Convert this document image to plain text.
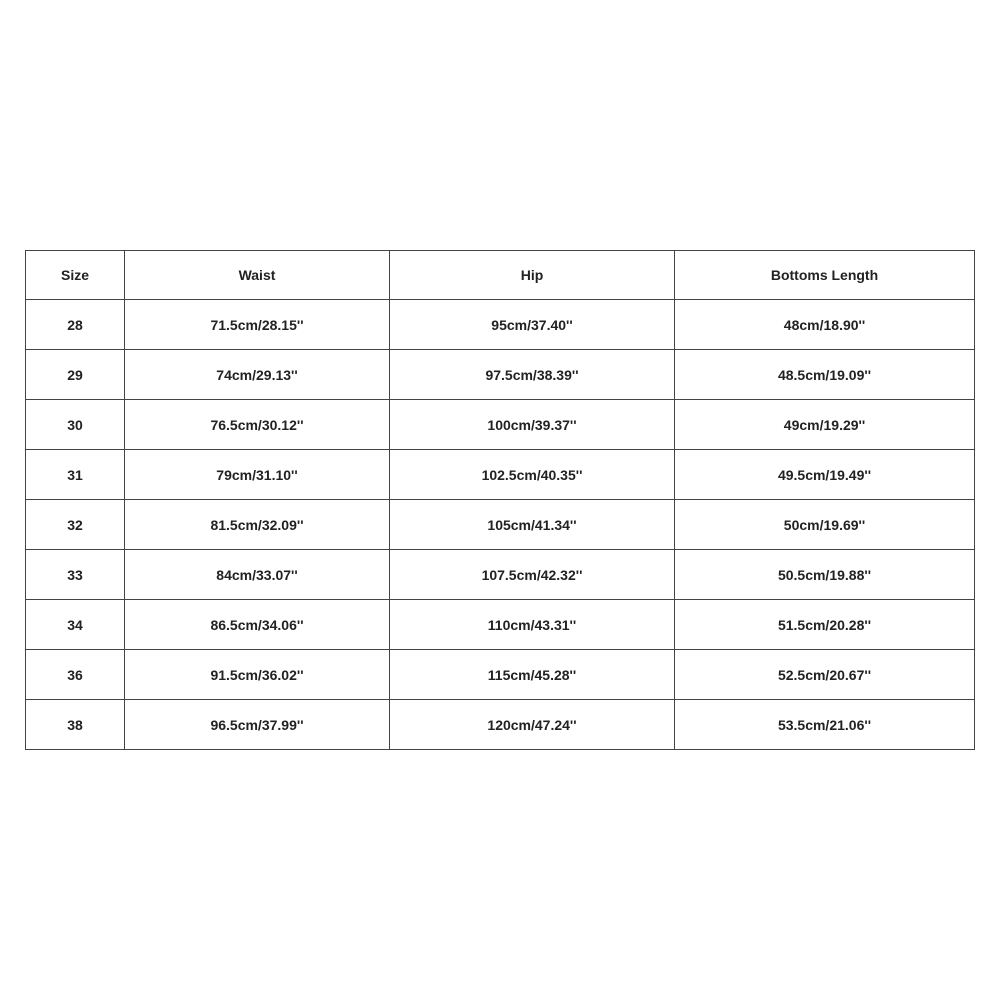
Size	Waist	Hip	Bottoms Length
28	71.5cm/28.15''	95cm/37.40''	48cm/18.90''
29	74cm/29.13''	97.5cm/38.39''	48.5cm/19.09''
30	76.5cm/30.12''	100cm/39.37''	49cm/19.29''
31	79cm/31.10''	102.5cm/40.35''	49.5cm/19.49''
32	81.5cm/32.09''	105cm/41.34''	50cm/19.69''
33	84cm/33.07''	107.5cm/42.32''	50.5cm/19.88''
34	86.5cm/34.06''	110cm/43.31''	51.5cm/20.28''
36	91.5cm/36.02''	115cm/45.28''	52.5cm/20.67''
38	96.5cm/37.99''	120cm/47.24''	53.5cm/21.06''
